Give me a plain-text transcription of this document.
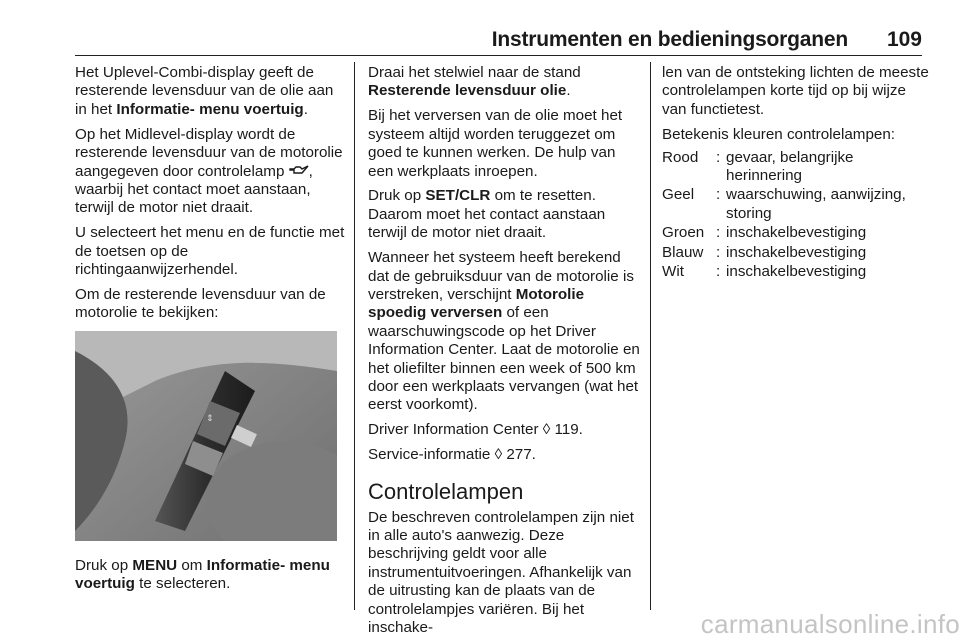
Instrumenten en bedieningsorganen 109

Het Uplevel-Combi-display geeft de resterende levensduur van de olie aan in het Informatie- menu voertuig.

Op het Midlevel-display wordt de resterende levensduur van de motorolie aangegeven door controlelamp , waarbij het contact moet aanstaan, terwijl de motor niet draait.

U selecteert het menu en de functie met de toetsen op de richtingaanwijzerhendel.

Om de resterende levensduur van de motorolie te bekijken:

⇕

Druk op MENU om Informatie- menu voertuig te selecteren.

Draai het stelwiel naar de stand Resterende levensduur olie.

Bij het verversen van de olie moet het systeem altijd worden teruggezet om goed te kunnen werken. De hulp van een werkplaats inroepen.

Druk op SET/CLR om te resetten. Daarom moet het contact aanstaan terwijl de motor niet draait.

Wanneer het systeem heeft berekend dat de gebruiksduur van de motorolie is verstreken, verschijnt Motorolie spoedig verversen of een waarschuwingscode op het Driver Information Center. Laat de motorolie en het oliefilter binnen een week of 500 km door een werkplaats vervangen (wat het eerst voorkomt).

Driver Information Center ◊ 119.

Service-informatie ◊ 277.

Controlelampen

De beschreven controlelampen zijn niet in alle auto's aanwezig. Deze beschrijving geldt voor alle instrumentuitvoeringen. Afhankelijk van de uitrusting kan de plaats van de controlelampjes variëren. Bij het inschake-

len van de ontsteking lichten de meeste controlelampen korte tijd op bij wijze van functietest.

Betekenis kleuren controlelampen:

Rood	: gevaar, belangrijke herinnering
Geel	: waarschuwing, aanwijzing, storing
Groen : inschakelbevestiging
Blauw : inschakelbevestiging
Wit	: inschakelbevestiging
carmanualsonline.info
